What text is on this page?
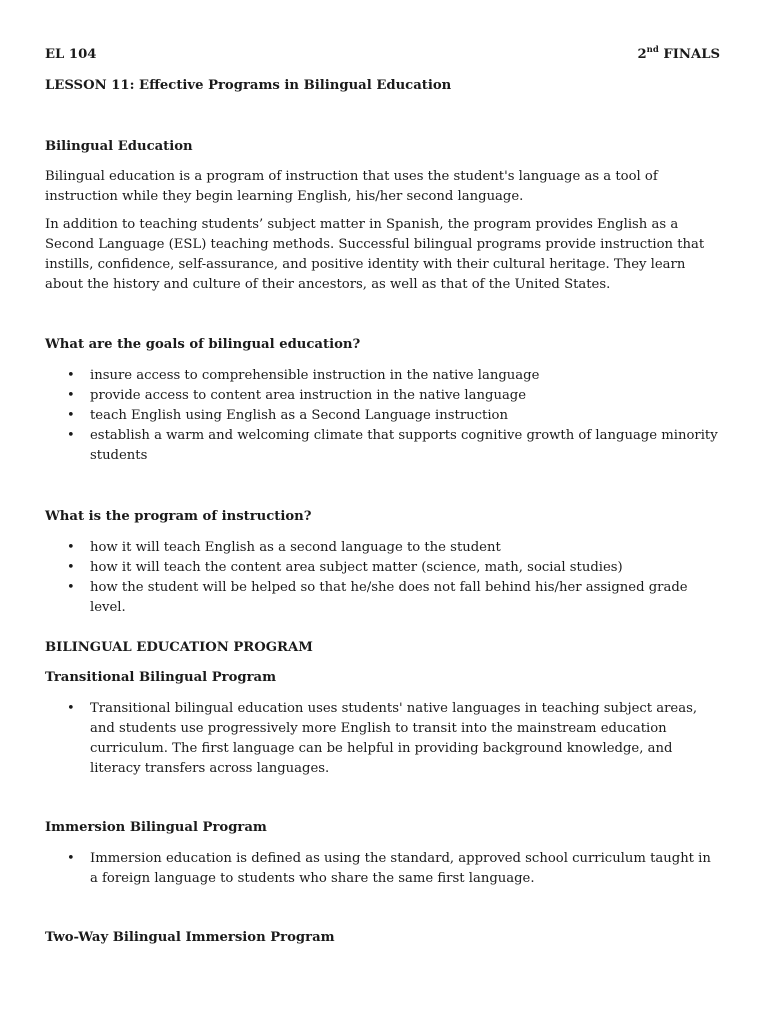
EL 104	2nd FINALS

LESSON 11: Effective Programs in Bilingual Education

Bilingual Education

Bilingual education is a program of instruction that uses the student's language as a tool of instruction while they begin learning English, his/her second language.

In addition to teaching students’ subject matter in Spanish, the program provides English as a Second Language (ESL) teaching methods. Successful bilingual programs provide instruction that instills, confidence, self-assurance, and positive identity with their cultural heritage. They learn about the history and culture of their ancestors, as well as that of the United States.

What are the goals of bilingual education?

• insure access to comprehensible instruction in the native language
• provide access to content area instruction in the native language
• teach English using English as a Second Language instruction
• establish a warm and welcoming climate that supports cognitive growth of language minority students

What is the program of instruction?

• how it will teach English as a second language to the student
• how it will teach the content area subject matter (science, math, social studies)
• how the student will be helped so that he/she does not fall behind his/her assigned grade level.

BILINGUAL EDUCATION PROGRAM

Transitional Bilingual Program

• Transitional bilingual education uses students' native languages in teaching subject areas, and students use progressively more English to transit into the mainstream education curriculum. The first language can be helpful in providing background knowledge, and literacy transfers across languages.

Immersion Bilingual Program

• Immersion education is defined as using the standard, approved school curriculum taught in a foreign language to students who share the same first language.

Two-Way Bilingual Immersion Program
